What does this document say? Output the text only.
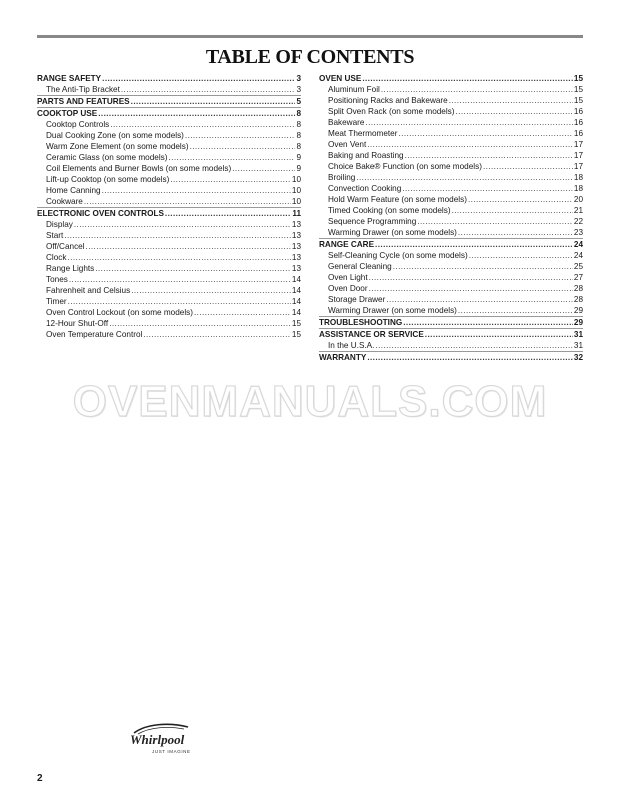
TABLE OF CONTENTS
RANGE SAFETY .....	3
The Anti-Tip Bracket .....	3
PARTS AND FEATURES .....	5
COOKTOP USE .....	8
Cooktop Controls .....	8
Dual Cooking Zone (on some models) .....	8
Warm Zone Element (on some models) .....	8
Ceramic Glass (on some models) .....	9
Coil Elements and Burner Bowls (on some models) .....	9
Lift-up Cooktop (on some models) .....	10
Home Canning .....	10
Cookware .....	10
ELECTRONIC OVEN CONTROLS .....	11
Display .....	13
Start .....	13
Off/Cancel .....	13
Clock .....	13
Range Lights .....	13
Tones .....	14
Fahrenheit and Celsius .....	14
Timer .....	14
Oven Control Lockout (on some models) .....	14
12-Hour Shut-Off .....	15
Oven Temperature Control .....	15
OVEN USE .....	15
Aluminum Foil .....	15
Positioning Racks and Bakeware .....	15
Split Oven Rack (on some models) .....	16
Bakeware .....	16
Meat Thermometer .....	16
Oven Vent .....	17
Baking and Roasting .....	17
Choice Bake® Function (on some models) .....	17
Broiling .....	18
Convection Cooking .....	18
Hold Warm Feature (on some models) .....	20
Timed Cooking (on some models) .....	21
Sequence Programming .....	22
Warming Drawer (on some models) .....	23
RANGE CARE .....	24
Self-Cleaning Cycle (on some models) .....	24
General Cleaning .....	25
Oven Light .....	27
Oven Door .....	28
Storage Drawer .....	28
Warming Drawer (on some models) .....	29
TROUBLESHOOTING .....	29
ASSISTANCE OR SERVICE .....	31
In the U.S.A. .....	31
WARRANTY .....	32
OVENMANUALS.COM
Whirlpool
JUST IMAGINE
2
